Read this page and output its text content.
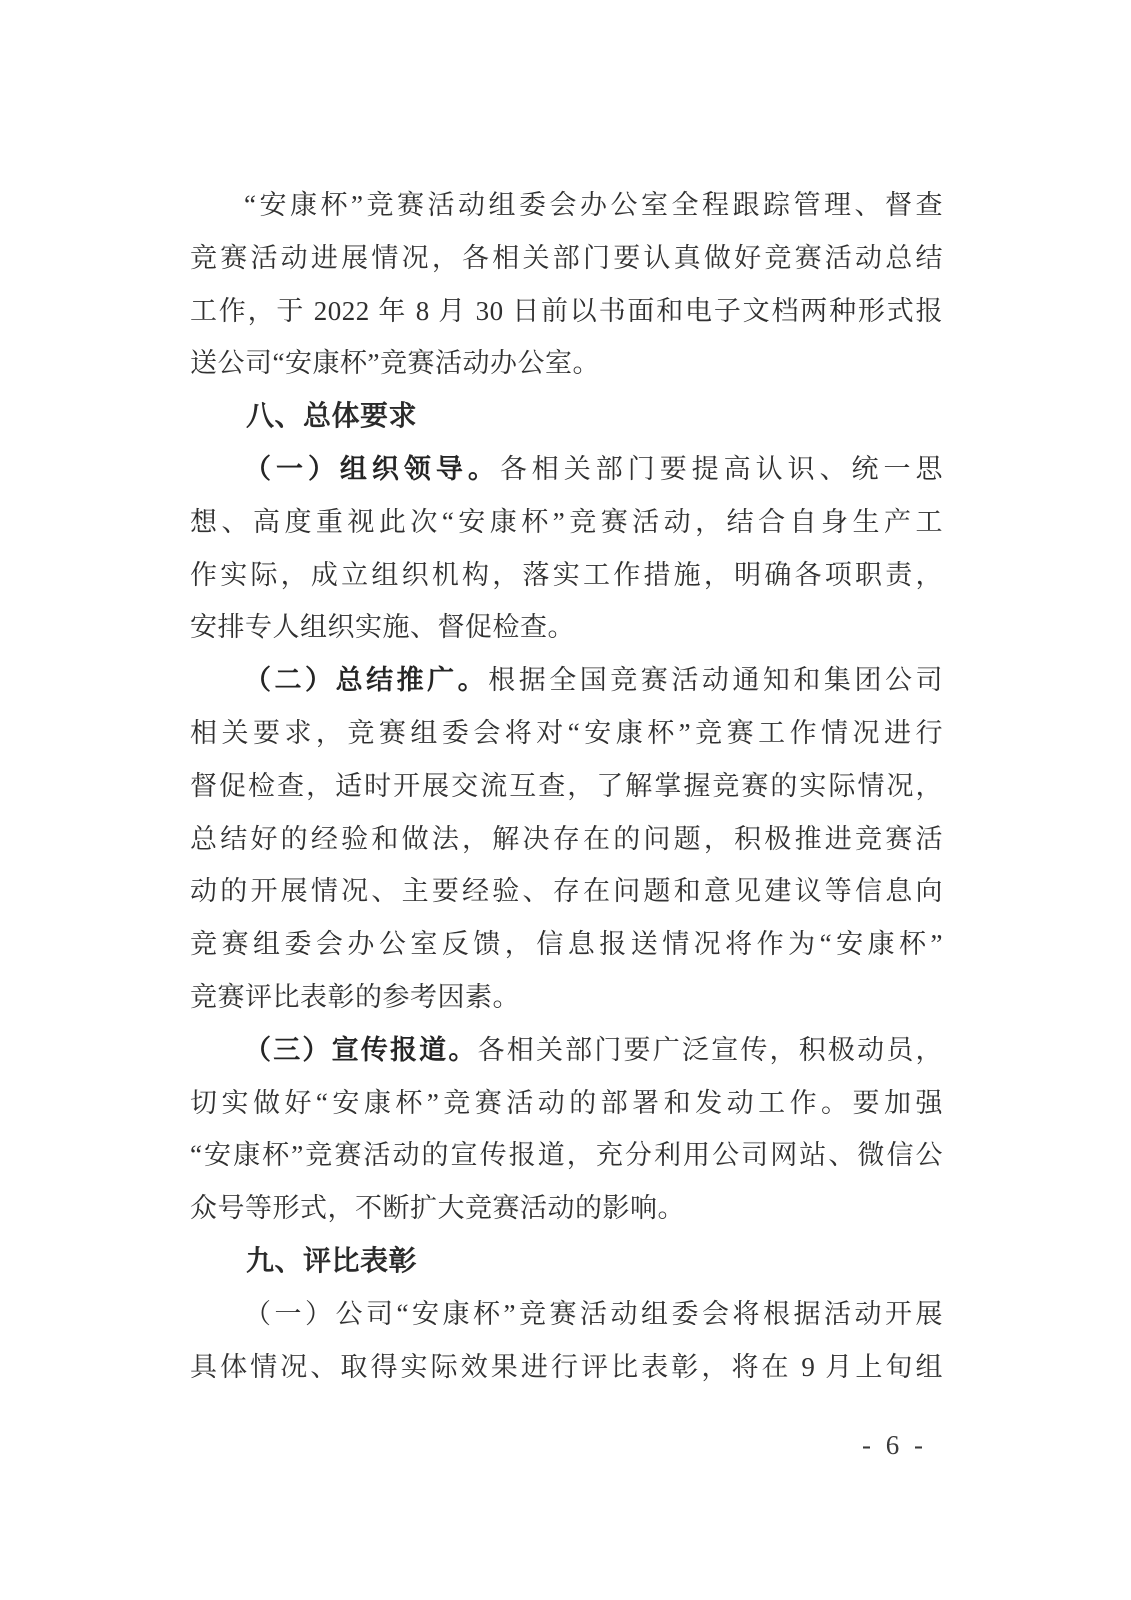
“安康杯”竞赛活动组委会办公室全程跟踪管理、督查
竞赛活动进展情况，各相关部门要认真做好竞赛活动总结
工作，于 2022 年 8 月 30 日前以书面和电子文档两种形式报
送公司“安康杯”竞赛活动办公室。
八、总体要求
（一）组织领导。各相关部门要提高认识、统一思
想、高度重视此次“安康杯”竞赛活动，结合自身生产工
作实际，成立组织机构，落实工作措施，明确各项职责，
安排专人组织实施、督促检查。
（二）总结推广。根据全国竞赛活动通知和集团公司
相关要求，竞赛组委会将对“安康杯”竞赛工作情况进行
督促检查，适时开展交流互查，了解掌握竞赛的实际情况，
总结好的经验和做法，解决存在的问题，积极推进竞赛活
动的开展情况、主要经验、存在问题和意见建议等信息向
竞赛组委会办公室反馈，信息报送情况将作为“安康杯”
竞赛评比表彰的参考因素。
（三）宣传报道。各相关部门要广泛宣传，积极动员，
切实做好“安康杯”竞赛活动的部署和发动工作。要加强
“安康杯”竞赛活动的宣传报道，充分利用公司网站、微信公
众号等形式，不断扩大竞赛活动的影响。
九、评比表彰
（一）公司“安康杯”竞赛活动组委会将根据活动开展
具体情况、取得实际效果进行评比表彰，将在 9 月上旬组
- 6 -
